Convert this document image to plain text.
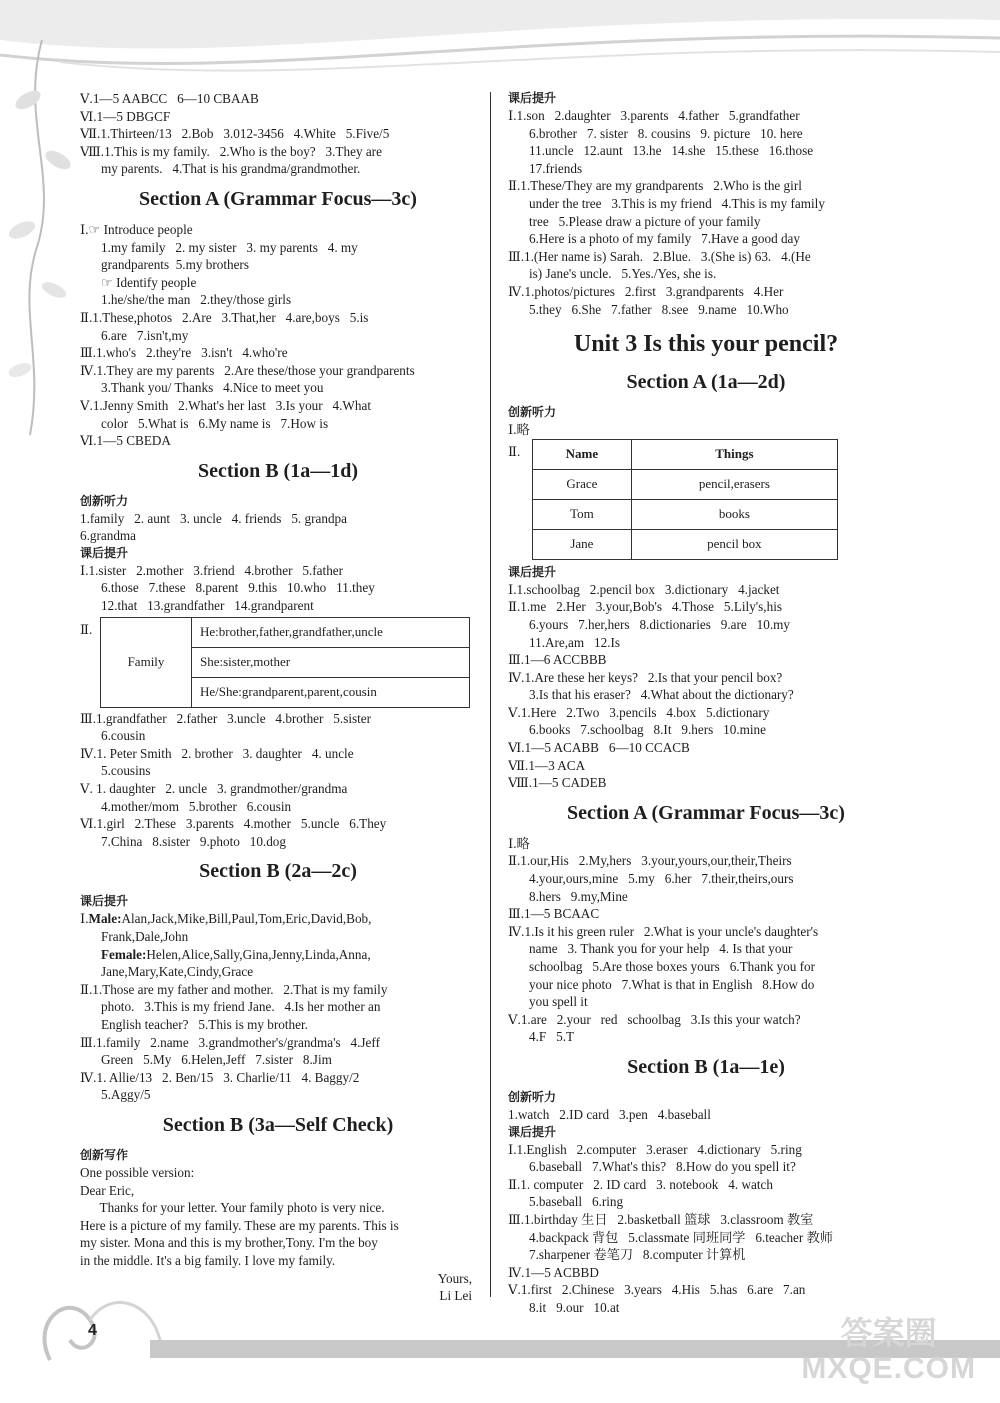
Ⅴ.1—5 AABCC   6—10 CBAAB
Ⅵ.1—5 DBGCF
Ⅶ.1.Thirteen/13   2.Bob   3.012-3456   4.White   5.Five/5
Ⅷ.1.This is my family.   2.Who is the boy?   3.They are
my parents.   4.That is his grandma/grandmother.
Section A (Grammar Focus—3c)
Ⅰ.☞ Introduce people
1.my family   2. my sister   3. my parents   4. my
grandparents  5.my brothers
☞ Identify people
1.he/she/the man   2.they/those girls
Ⅱ.1.These,photos   2.Are   3.That,her   4.are,boys   5.is
6.are   7.isn't,my
Ⅲ.1.who's   2.they're   3.isn't   4.who're
Ⅳ.1.They are my parents   2.Are these/those your grandparents
3.Thank you/ Thanks   4.Nice to meet you
Ⅴ.1.Jenny Smith   2.What's her last   3.Is your   4.What
color   5.What is   6.My name is   7.How is
Ⅵ.1—5 CBEDA
Section B (1a—1d)
创新听力
1.family   2. aunt   3. uncle   4. friends   5. grandpa
6.grandma
课后提升
Ⅰ.1.sister   2.mother   3.friend   4.brother   5.father
6.those   7.these   8.parent   9.this   10.who   11.they
12.that   13.grandfather   14.grandparent
Ⅱ.
Family	He:brother,father,grandfather,uncle
She:sister,mother
He/She:grandparent,parent,cousin
Ⅲ.1.grandfather   2.father   3.uncle   4.brother   5.sister
6.cousin
Ⅳ.1. Peter Smith   2. brother   3. daughter   4. uncle
5.cousins
Ⅴ. 1. daughter   2. uncle   3. grandmother/grandma
4.mother/mom   5.brother   6.cousin
Ⅵ.1.girl   2.These   3.parents   4.mother   5.uncle   6.They
7.China   8.sister   9.photo   10.dog
Section B (2a—2c)
课后提升
Ⅰ.Male:Alan,Jack,Mike,Bill,Paul,Tom,Eric,David,Bob,
Frank,Dale,John
Female:Helen,Alice,Sally,Gina,Jenny,Linda,Anna,
Jane,Mary,Kate,Cindy,Grace
Ⅱ.1.Those are my father and mother.   2.That is my family
photo.   3.This is my friend Jane.   4.Is her mother an
English teacher?   5.This is my brother.
Ⅲ.1.family   2.name   3.grandmother's/grandma's   4.Jeff
Green   5.My   6.Helen,Jeff   7.sister   8.Jim
Ⅳ.1. Allie/13   2. Ben/15   3. Charlie/11   4. Baggy/2
5.Aggy/5
Section B (3a—Self Check)
创新写作
One possible version:
Dear Eric,
Thanks for your letter. Your family photo is very nice.
Here is a picture of my family. These are my parents. This is
my sister. Mona and this is my brother,Tony. I'm the boy
in the middle. It's a big family. I love my family.
Yours,
Li Lei
课后提升
Ⅰ.1.son   2.daughter   3.parents   4.father   5.grandfather
6.brother   7. sister   8. cousins   9. picture   10. here
11.uncle   12.aunt   13.he   14.she   15.these   16.those
17.friends
Ⅱ.1.These/They are my grandparents   2.Who is the girl
under the tree   3.This is my friend   4.This is my family
tree   5.Please draw a picture of your family
6.Here is a photo of my family   7.Have a good day
Ⅲ.1.(Her name is) Sarah.   2.Blue.   3.(She is) 63.   4.(He
is) Jane's uncle.   5.Yes./Yes, she is.
Ⅳ.1.photos/pictures   2.first   3.grandparents   4.Her
5.they   6.She   7.father   8.see   9.name   10.Who
Unit 3 Is this your pencil?
Section A (1a—2d)
创新听力
Ⅰ.略
Ⅱ.	Name	Things
Grace	pencil,erasers
Tom	books
Jane	pencil box
课后提升
Ⅰ.1.schoolbag   2.pencil box   3.dictionary   4.jacket
Ⅱ.1.me   2.Her   3.your,Bob's   4.Those   5.Lily's,his
6.yours   7.her,hers   8.dictionaries   9.are   10.my
11.Are,am   12.Is
Ⅲ.1—6 ACCBBB
Ⅳ.1.Are these her keys?   2.Is that your pencil box?
3.Is that his eraser?   4.What about the dictionary?
Ⅴ.1.Here   2.Two   3.pencils   4.box   5.dictionary
6.books   7.schoolbag   8.It   9.hers   10.mine
Ⅵ.1—5 ACABB   6—10 CCACB
Ⅶ.1—3 ACA
Ⅷ.1—5 CADEB
Section A (Grammar Focus—3c)
Ⅰ.略
Ⅱ.1.our,His   2.My,hers   3.your,yours,our,their,Theirs
4.your,ours,mine   5.my   6.her   7.their,theirs,ours
8.hers   9.my,Mine
Ⅲ.1—5 BCAAC
Ⅳ.1.Is it his green ruler   2.What is your uncle's daughter's
name   3. Thank you for your help   4. Is that your
schoolbag   5.Are those boxes yours   6.Thank you for
your nice photo   7.What is that in English   8.How do
you spell it
Ⅴ.1.are   2.your   red   schoolbag   3.Is this your watch?
4.F   5.T
Section B (1a—1e)
创新听力
1.watch   2.ID card   3.pen   4.baseball
课后提升
Ⅰ.1.English   2.computer   3.eraser   4.dictionary   5.ring
6.baseball   7.What's this?   8.How do you spell it?
Ⅱ.1. computer   2. ID card   3. notebook   4. watch
5.baseball   6.ring
Ⅲ.1.birthday 生日   2.basketball 篮球   3.classroom 教室
4.backpack 背包   5.classmate 同班同学   6.teacher 教师
7.sharpener 卷笔刀   8.computer 计算机
Ⅳ.1—5 ACBBD
Ⅴ.1.first   2.Chinese   3.years   4.His   5.has   6.are   7.an
8.it   9.our   10.at
4	答案圈
MXQE.COM
